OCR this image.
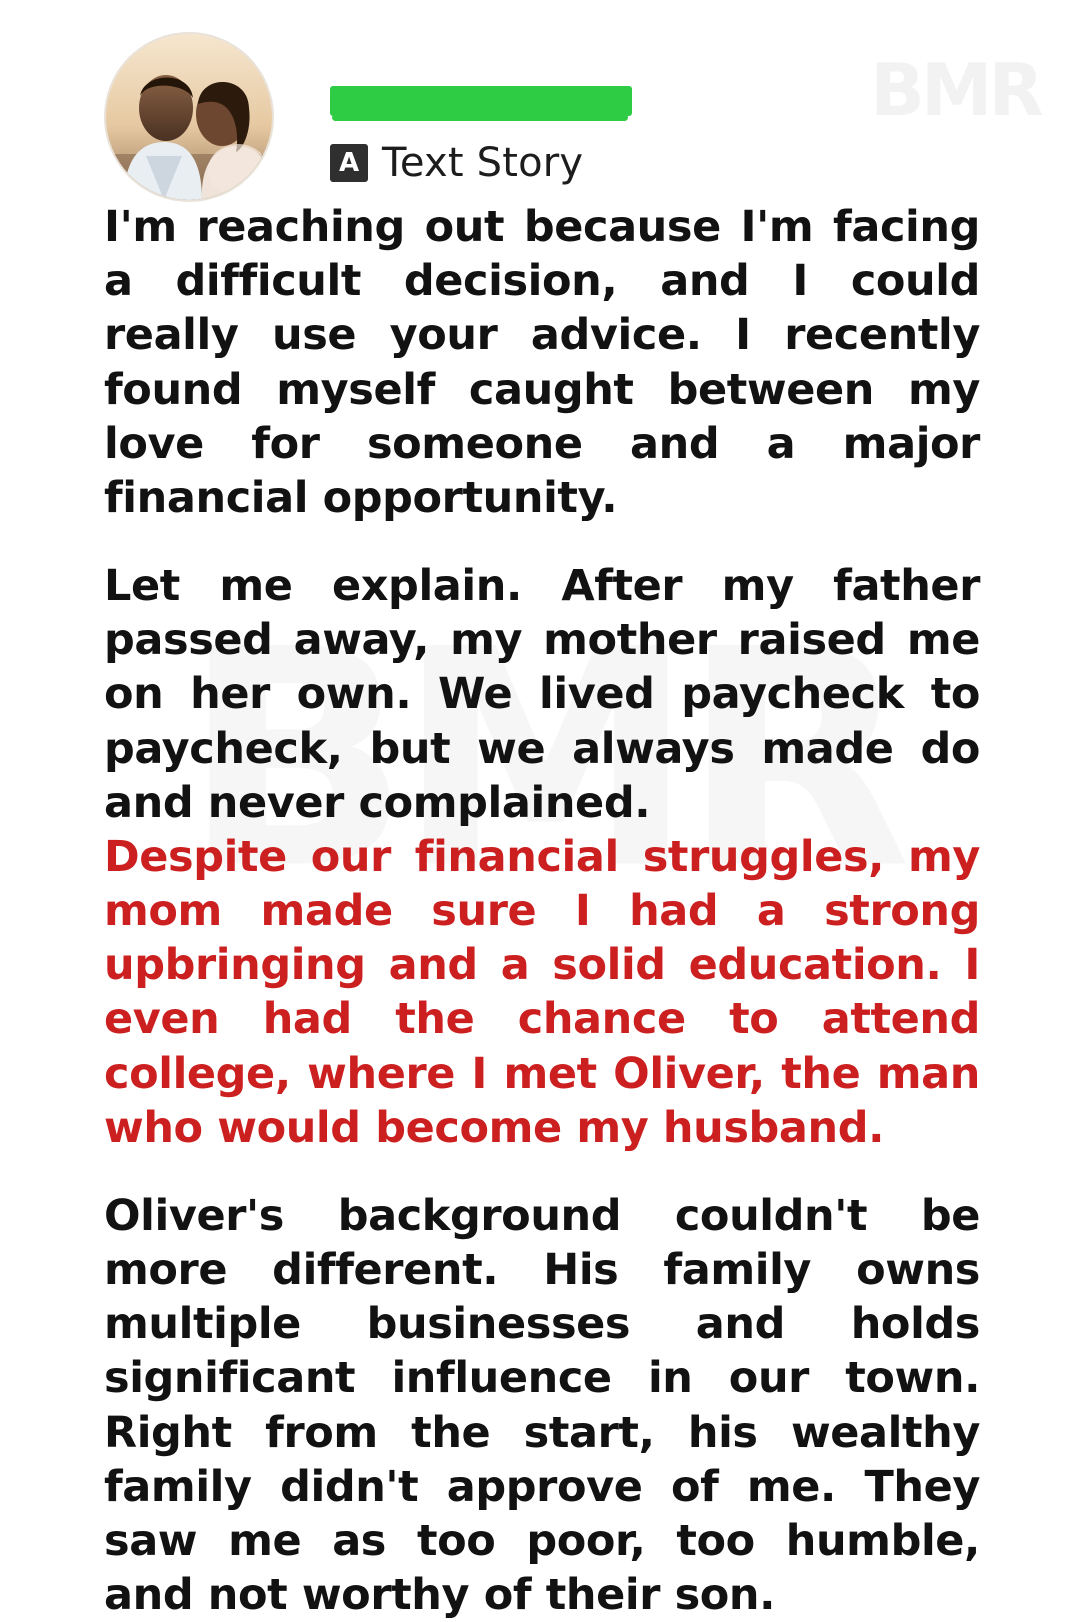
BMR
A Text Story

I'm reaching out because I'm facing a difficult decision, and I could really use your advice. I recently found myself caught between my love for someone and a major financial opportunity.

Let me explain. After my father passed away, my mother raised me on her own. We lived paycheck to paycheck, but we always made do and never complained.

Despite our financial struggles, my mom made sure I had a strong upbringing and a solid education. I even had the chance to attend college, where I met Oliver, the man who would become my husband.

Oliver's background couldn't be more different. His family owns multiple businesses and holds significant influence in our town. Right from the start, his wealthy family didn't approve of me. They saw me as too poor, too humble, and not worthy of their son.
